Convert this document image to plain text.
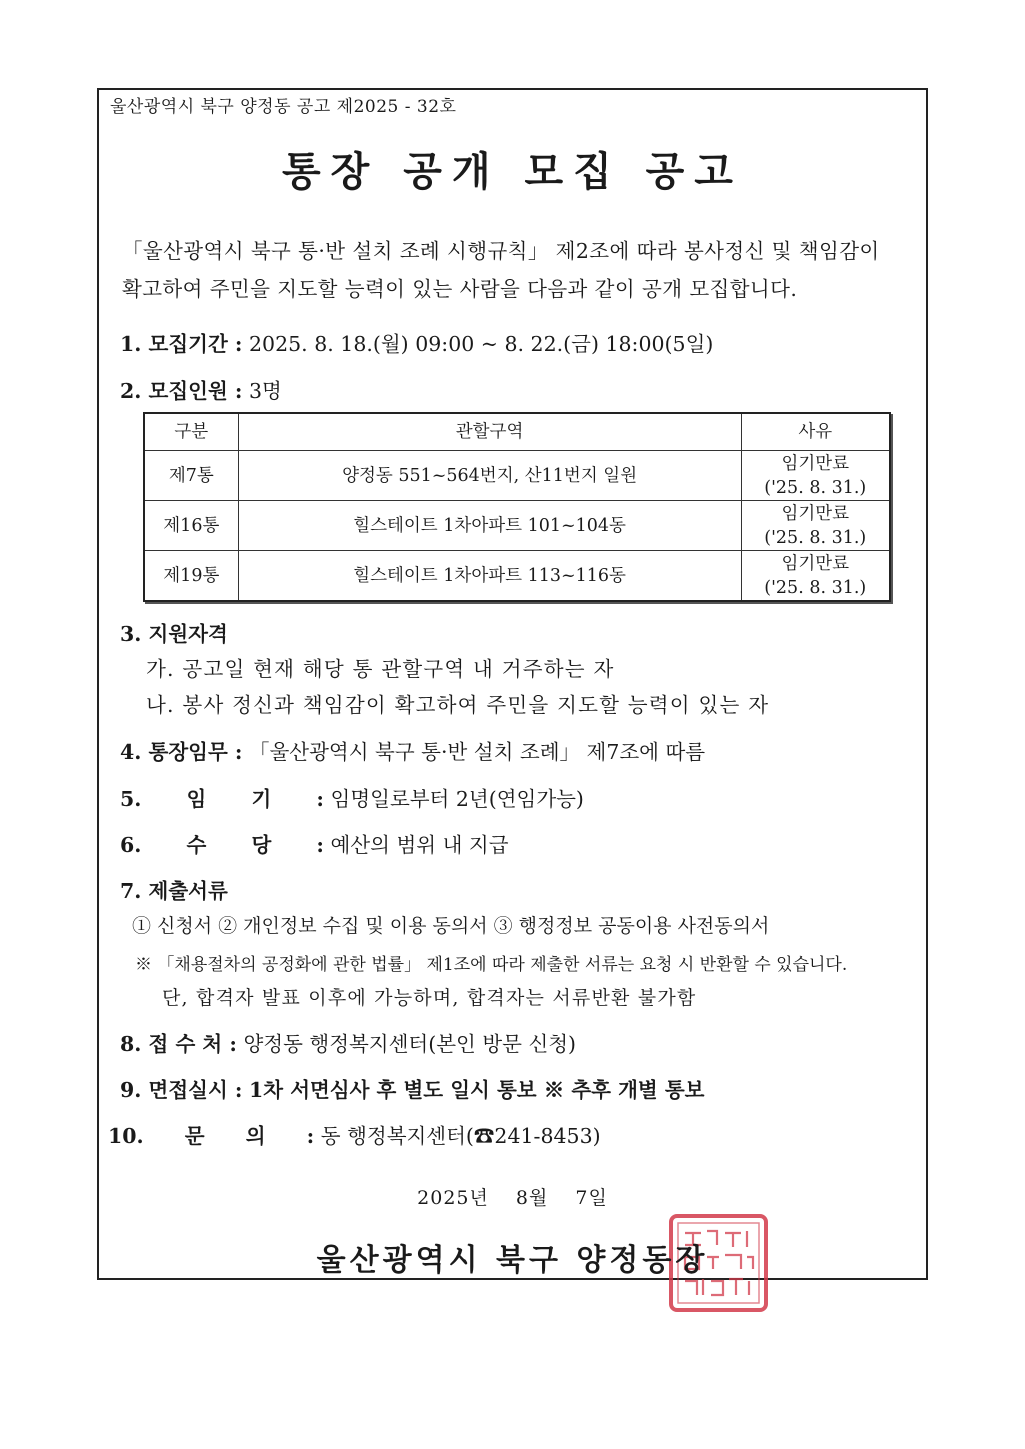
울산광역시 북구 양정동 공고 제2025 - 32호
통장 공개 모집 공고
「울산광역시 북구 통·반 설치 조례 시행규칙」 제2조에 따라 봉사정신 및 책임감이
확고하여 주민을 지도할 능력이 있는 사람을 다음과 같이 공개 모집합니다.
1. 모집기간 : 2025. 8. 18.(월) 09:00 ~ 8. 22.(금) 18:00(5일)
2. 모집인원 : 3명
구분	관할구역	사유
제7통	양정동 551~564번지, 산11번지 일원	임기만료
('25. 8. 31.)

제16통	힐스테이트 1차아파트 101~104동	임기만료
('25. 8. 31.)

제19통	힐스테이트 1차아파트 113~116동	임기만료
('25. 8. 31.)
3. 지원자격
가. 공고일 현재 해당 통 관할구역 내 거주하는 자
나. 봉사 정신과 책임감이 확고하여 주민을 지도할 능력이 있는 자
4. 통장임무 : 「울산광역시 북구 통·반 설치 조례」 제7조에 따름
5. 임 기 : 임명일로부터 2년(연임가능)
6. 수 당 : 예산의 범위 내 지급
7. 제출서류
① 신청서 ② 개인정보 수집 및 이용 동의서 ③ 행정정보 공동이용 사전동의서
※ 「채용절차의 공정화에 관한 법률」 제1조에 따라 제출한 서류는 요청 시 반환할 수 있습니다.
단, 합격자 발표 이후에 가능하며, 합격자는 서류반환 불가함
8. 접 수 처 : 양정동 행정복지센터(본인 방문 신청)
9. 면접실시 : 1차 서면심사 후 별도 일시 통보 ※ 추후 개별 통보
10. 문 의 : 동 행정복지센터(☎241-8453)
2025년 8월 7일
울산광역시 북구 양정동장
